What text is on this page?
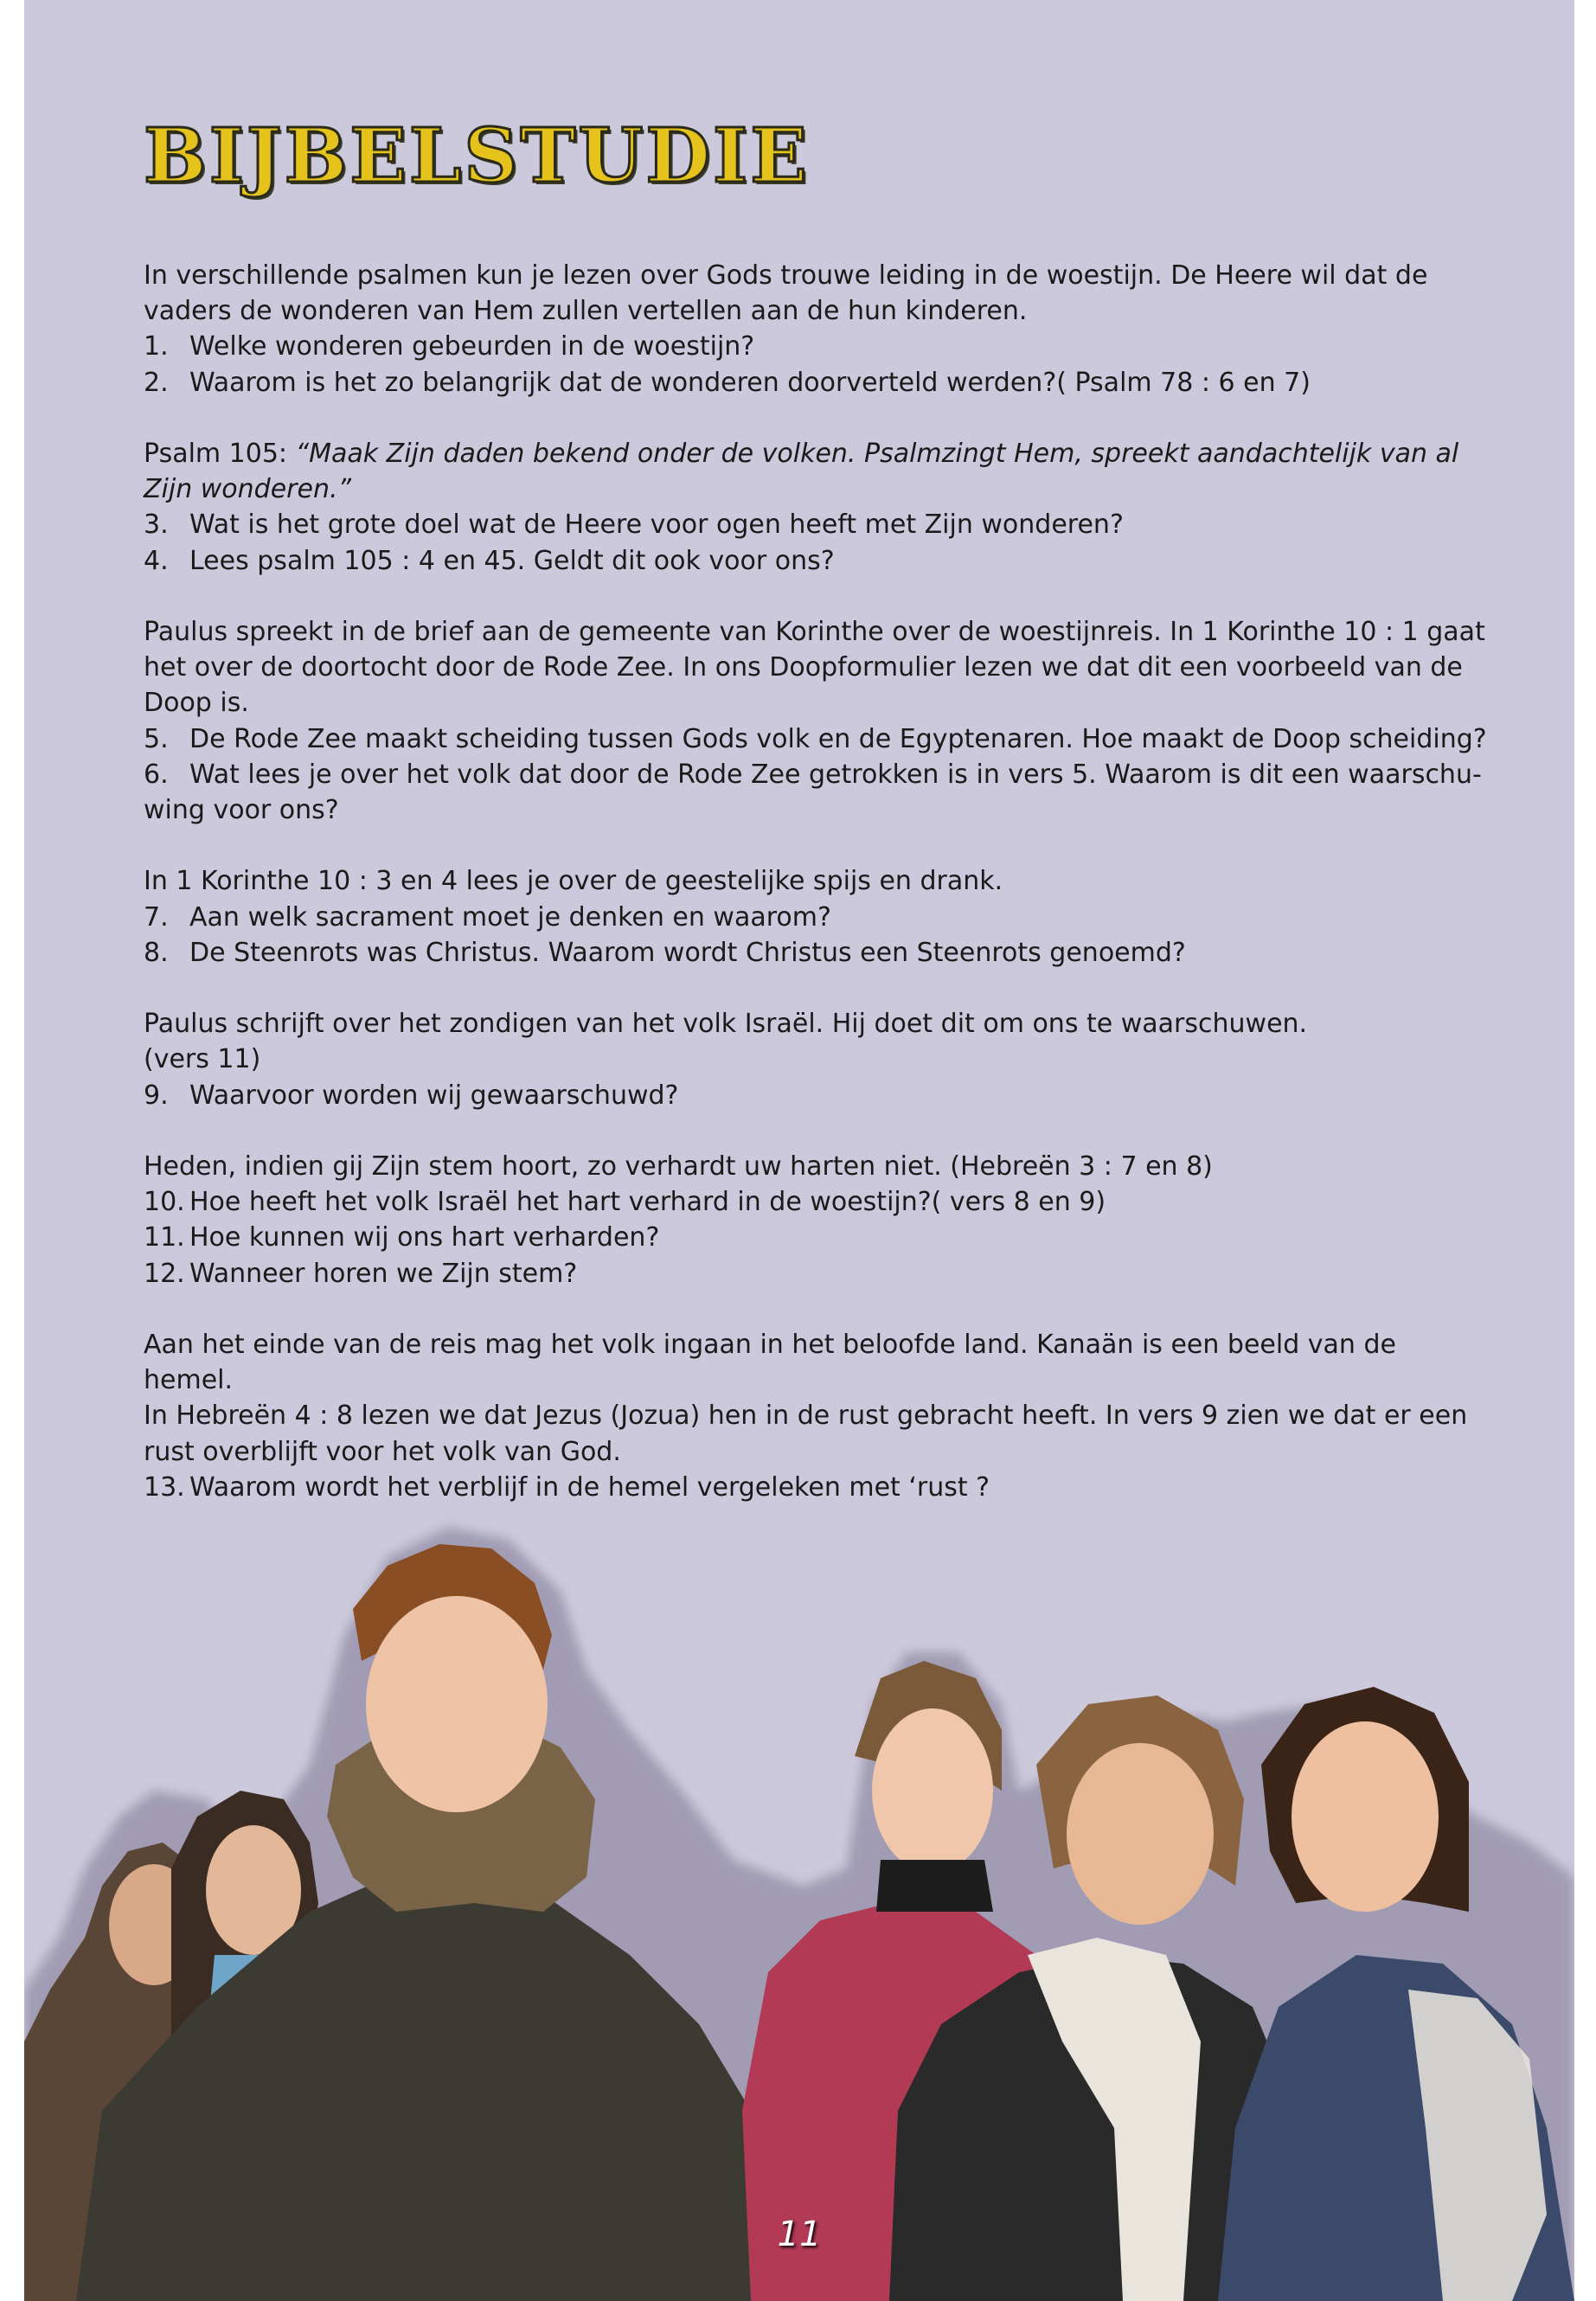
BIJBELSTUDIE

In verschillende psalmen kun je lezen over Gods trouwe leiding in de woestijn. De Heere wil dat de vaders de wonderen van Hem zullen vertellen aan de hun kinderen.

1. Welke wonderen gebeurden in de woestijn?
2. Waarom is het zo belangrijk dat de wonderen doorverteld werden?( Psalm 78 : 6 en 7)

Psalm 105: “Maak Zijn daden bekend onder de volken. Psalmzingt Hem, spreekt aandachtelijk van al Zijn wonderen.”

3. Wat is het grote doel wat de Heere voor ogen heeft met Zijn wonderen?
4. Lees psalm 105 : 4 en 45. Geldt dit ook voor ons?

Paulus spreekt in de brief aan de gemeente van Korinthe over de woestijnreis. In 1 Korinthe 10 : 1 gaat het over de doortocht door de Rode Zee. In ons Doopformulier lezen we dat dit een voorbeeld van de Doop is.

5. De Rode Zee maakt scheiding tussen Gods volk en de Egyptenaren. Hoe maakt de Doop scheiding?
6. Wat lees je over het volk dat door de Rode Zee getrokken is in vers 5. Waarom is dit een waarschu-wing voor ons?

In 1 Korinthe 10 : 3 en 4 lees je over de geestelijke spijs en drank.

7. Aan welk sacrament moet je denken en waarom?
8. De Steenrots was Christus. Waarom wordt Christus een Steenrots genoemd?

Paulus schrijft over het zondigen van het volk Israël. Hij doet dit om ons te waarschuwen.

(vers 11)

9. Waarvoor worden wij gewaarschuwd?

Heden, indien gij Zijn stem hoort, zo verhardt uw harten niet. (Hebreën 3 : 7 en 8)

10. Hoe heeft het volk Israël het hart verhard in de woestijn?( vers 8 en 9)
11. Hoe kunnen wij ons hart verharden?
12. Wanneer horen we Zijn stem?

Aan het einde van de reis mag het volk ingaan in het beloofde land. Kanaän is een beeld van de hemel.

In Hebreën 4 : 8 lezen we dat Jezus (Jozua) hen in de rust gebracht heeft. In vers 9 zien we dat er een rust overblijft voor het volk van God.

13. Waarom wordt het verblijf in de hemel vergeleken met ‘rust ?
11
